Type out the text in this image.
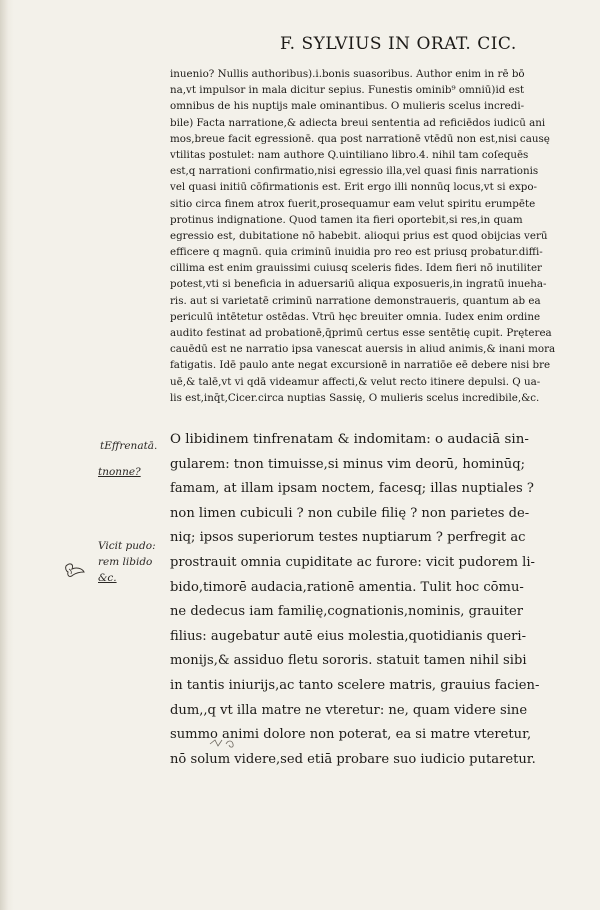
F. SYLVIUS IN ORAT. CIC.
inuenio? Nullis authoribus).i.bonis suasoribus. Author enim in rē bō
na,vt impulsor in mala dicitur sepius. Funestis ominib⁹ omniū)id est
omnibus de his nuptijs male ominantibus. O mulieris scelus incredi-
bile) Facta narratione,& adiecta breui sententia ad reficiēdos iudicū ani
mos,breue facit egressionē. qua post narrationē vtēdū non est,nisi causę
vtilitas postulet: nam authore Q.uintiliano libro.4. nihil tam coſequēs
est,q narrationi confirmatio,nisi egressio illa,vel quasi finis narrationis
vel quasi initiū cōfirmationis est. Erit ergo illi nonnūq locus,vt si expo-
sitio circa finem atrox fuerit,prosequamur eam velut spiritu erumpēte
protinus indignatione. Quod tamen ita fieri oportebit,si res,in quam
egressio est, dubitatione nō habebit. alioqui prius est quod obijcias verū
efficere q magnū. quia criminū inuidia pro reo est priusq probatur.diffi-
cillima est enim grauissimi cuiusq sceleris fides. Idem fieri nō inutiliter
potest,vti si beneficia in aduersariū aliqua exposueris,in ingratū inueha-
ris. aut si varietatē criminū narratione demonstraueris, quantum ab ea
periculū intētetur ostēdas. Vtrū hęc breuiter omnia. Iudex enim ordine
audito festinat ad probationē,q̄primū certus esse sentētię cupit. Pręterea
cauēdū est ne narratio ipsa vanescat auersis in aliud animis,& inani mora
fatigatis. Idē paulo ante negat excursionē in narratiōe eē debere nisi bre
uē,& talē,vt vi qdā videamur affecti,& velut recto itinere depulsi. Q ua-
lis est,inq̄t,Cicer.circa nuptias Sassię, O mulieris scelus incredibile,&c.
O libidinem tinfrenatam & indomitam: o audaciā sin-
gularem: tnon timuisse,si minus vim deorū, hominūq;
famam, at illam ipsam noctem, facesq; illas nuptiales ?
non limen cubiculi ? non cubile filię ? non parietes de-
niq; ipsos superiorum testes nuptiarum ? perfregit ac
prostrauit omnia cupiditate ac furore: vicit pudorem li-
bido,timorē audacia,rationē amentia. Tulit hoc cōmu-
ne dedecus iam familię,cognationis,nominis, grauiter
filius: augebatur autē eius molestia,quotidianis queri-
monijs,& assiduo fletu sororis. statuit tamen nihil sibi
in tantis iniurijs,ac tanto scelere matris, grauius facien-
dum,,q vt illa matre ne vteretur: ne, quam videre sine
summo animi dolore non poterat, ea si matre vteretur,
nō solum videre,sed etiā probare suo iudicio putaretur.
tEffrenatā.
tnonne?
Vicit pudo:
rem libido
&c.
